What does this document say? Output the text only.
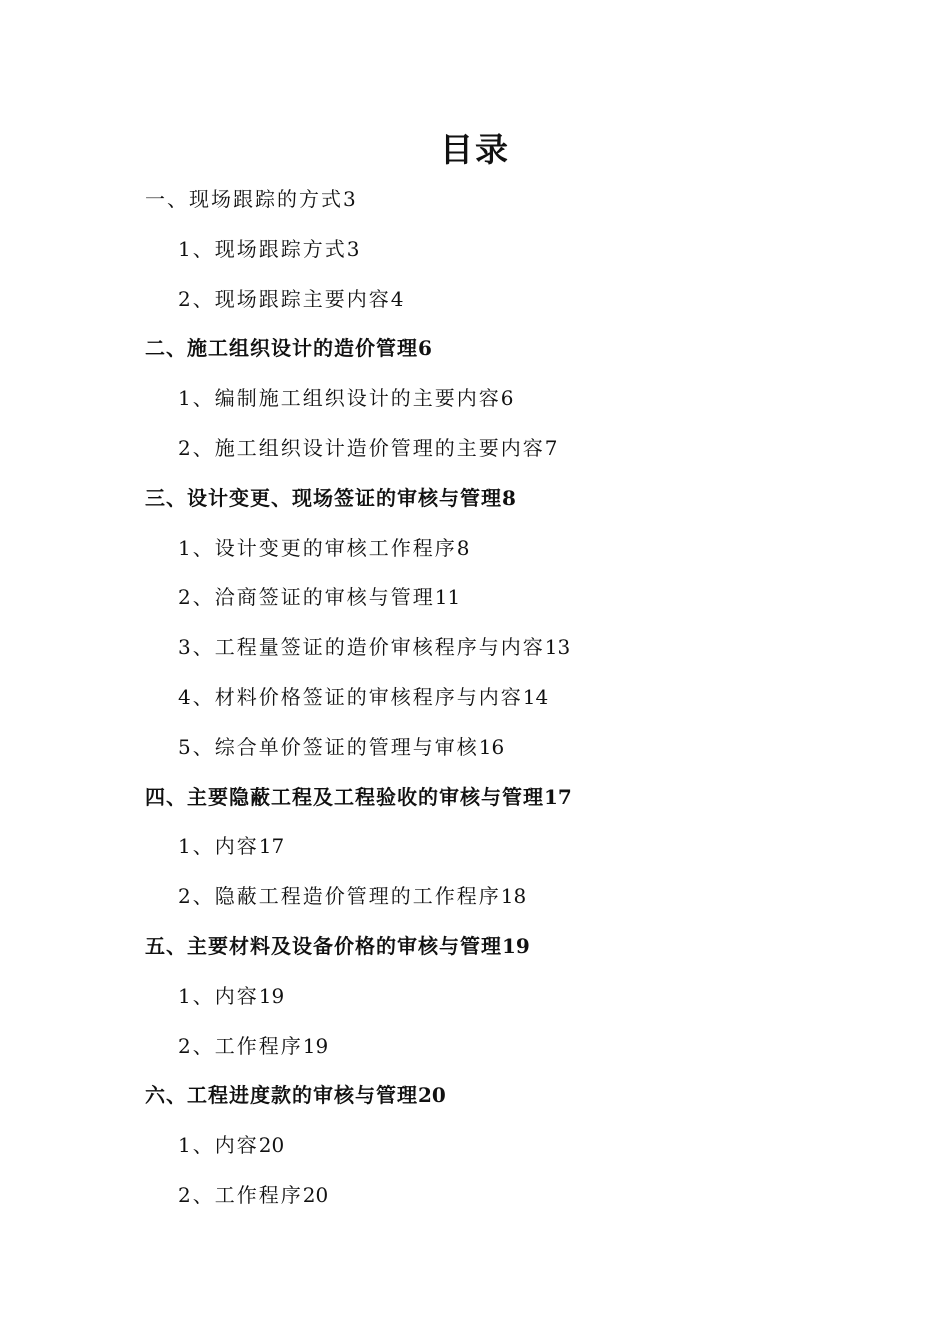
目录
一、现场跟踪的方式3
1、现场跟踪方式3
2、现场跟踪主要内容4
二、施工组织设计的造价管理6
1、编制施工组织设计的主要内容6
2、施工组织设计造价管理的主要内容7
三、设计变更、现场签证的审核与管理8
1、设计变更的审核工作程序8
2、洽商签证的审核与管理11
3、工程量签证的造价审核程序与内容13
4、材料价格签证的审核程序与内容14
5、综合单价签证的管理与审核16
四、主要隐蔽工程及工程验收的审核与管理17
1、内容17
2、隐蔽工程造价管理的工作程序18
五、主要材料及设备价格的审核与管理19
1、内容19
2、工作程序19
六、工程进度款的审核与管理20
1、内容20
2、工作程序20
